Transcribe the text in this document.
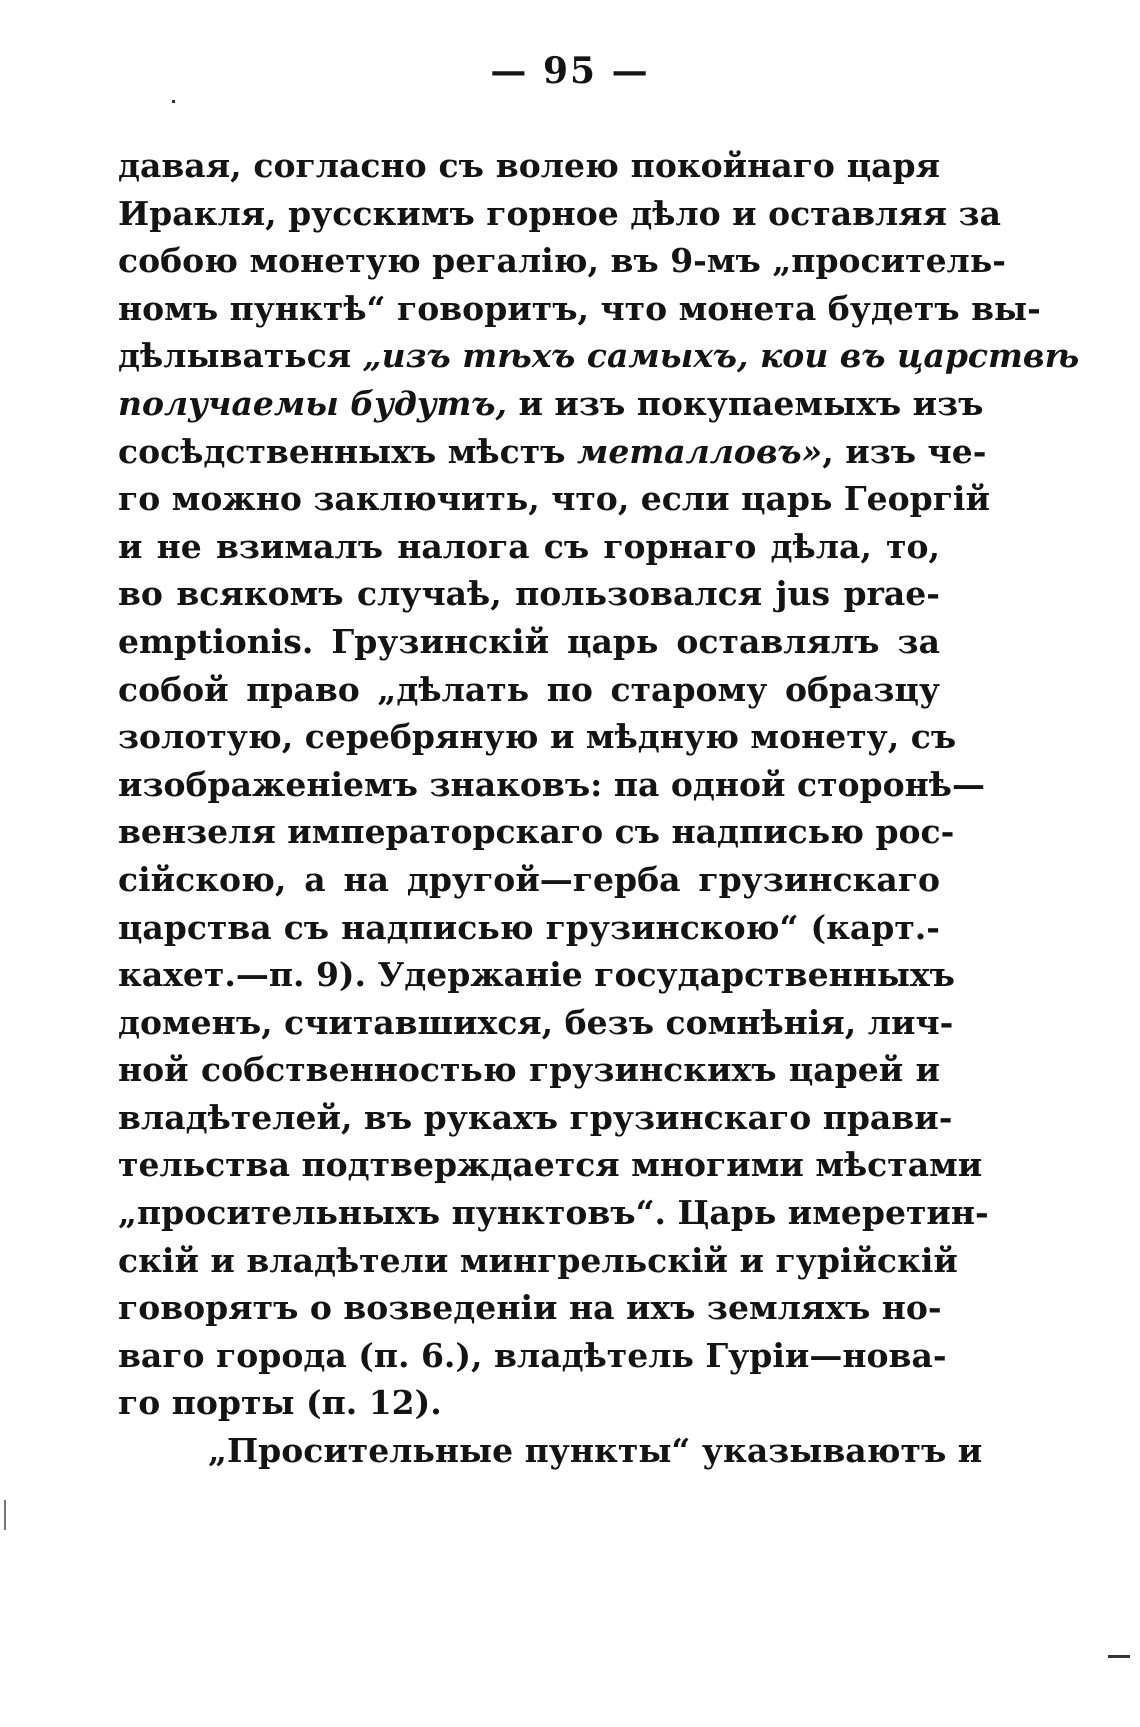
— 95 —
давая, согласно съ волею покойнаго царя
Иракля, русскимъ горное дѣло и оставляя за
собою монетую регалію, въ 9-мъ „проситель-
номъ пунктѣ“ говоритъ, что монета будетъ вы-
дѣлываться „изъ тѣхъ самыхъ, кои въ царствѣ
получаемы будутъ, и изъ покупаемыхъ изъ
сосѣдственныхъ мѣстъ металловъ», изъ че-
го можно заключить, что, если царь Георгій
и не взималъ налога съ горнаго дѣла, то,
во всякомъ случаѣ, пользовался jus prae-
emptionis. Грузинскій царь оставлялъ за
собой право „дѣлать по старому образцу
золотую, серебряную и мѣдную монету, съ
изображеніемъ знаковъ: па одной сторонѣ—
вензеля императорскаго съ надписью рос-
сійскою, а на другой—герба грузинскаго
царства съ надписью грузинскою“ (карт.-
кахет.—п. 9). Удержаніе государственныхъ
доменъ, считавшихся, безъ сомнѣнія, лич-
ной собственностью грузинскихъ царей и
владѣтелей, въ рукахъ грузинскаго прави-
тельства подтверждается многими мѣстами
„просительныхъ пунктовъ“. Царь имеретин-
скій и владѣтели мингрельскій и гурійскій
говорятъ о возведеніи на ихъ земляхъ но-
ваго города (п. 6.), владѣтель Гуріи—нова-
го порты (п. 12).
„Просительные пункты“ указываютъ и
